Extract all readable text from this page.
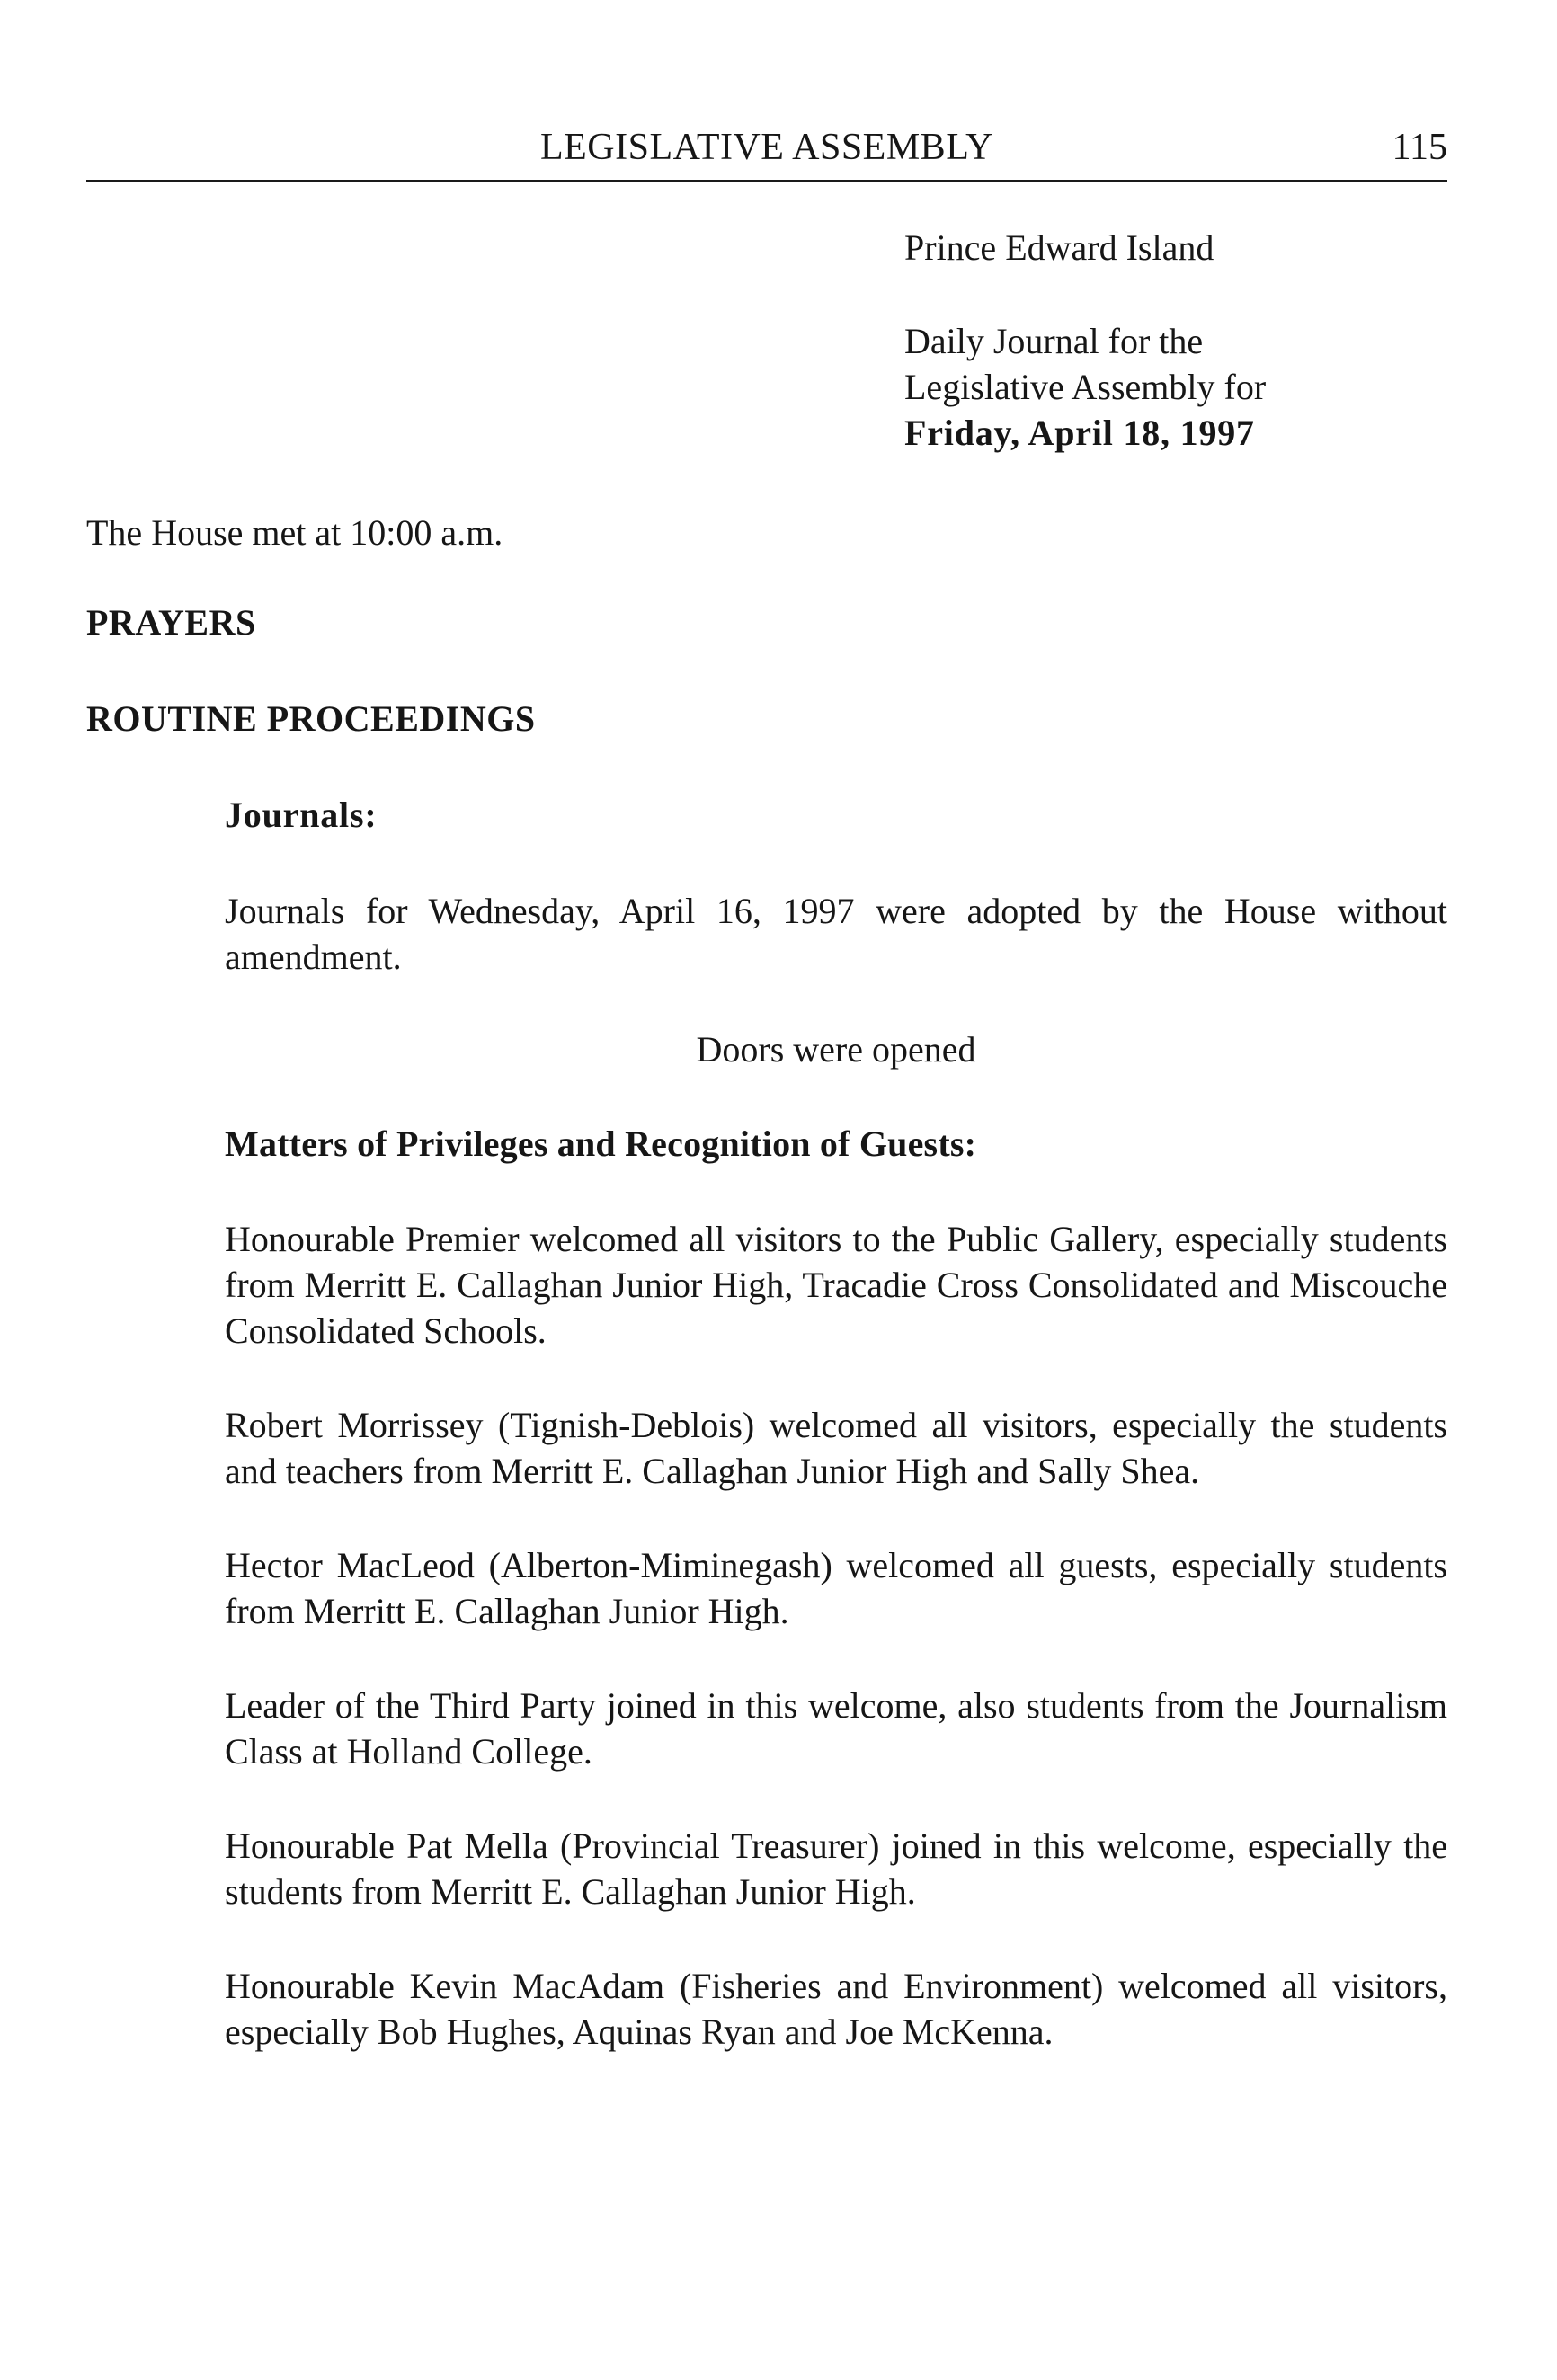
LEGISLATIVE ASSEMBLY	115
Prince Edward Island
Daily Journal for the
Legislative Assembly for
Friday, April 18, 1997
The House met at 10:00 a.m.
PRAYERS
ROUTINE PROCEEDINGS
Journals:
Journals for Wednesday, April 16, 1997 were adopted by the House without amendment.
Doors were opened
Matters of Privileges and Recognition of Guests:
Honourable Premier welcomed all visitors to the Public Gallery, especially students from Merritt E. Callaghan Junior High, Tracadie Cross Consolidated and Miscouche Consolidated Schools.
Robert Morrissey (Tignish-Deblois) welcomed all visitors, especially the students and teachers from Merritt E. Callaghan Junior High and Sally Shea.
Hector MacLeod (Alberton-Miminegash) welcomed all guests, especially students from Merritt E. Callaghan Junior High.
Leader of the Third Party joined in this welcome, also students from the Journalism Class at Holland College.
Honourable Pat Mella (Provincial Treasurer) joined in this welcome, especially the students from Merritt E. Callaghan Junior High.
Honourable Kevin MacAdam (Fisheries and Environment) welcomed all visitors, especially Bob Hughes, Aquinas Ryan and Joe McKenna.
